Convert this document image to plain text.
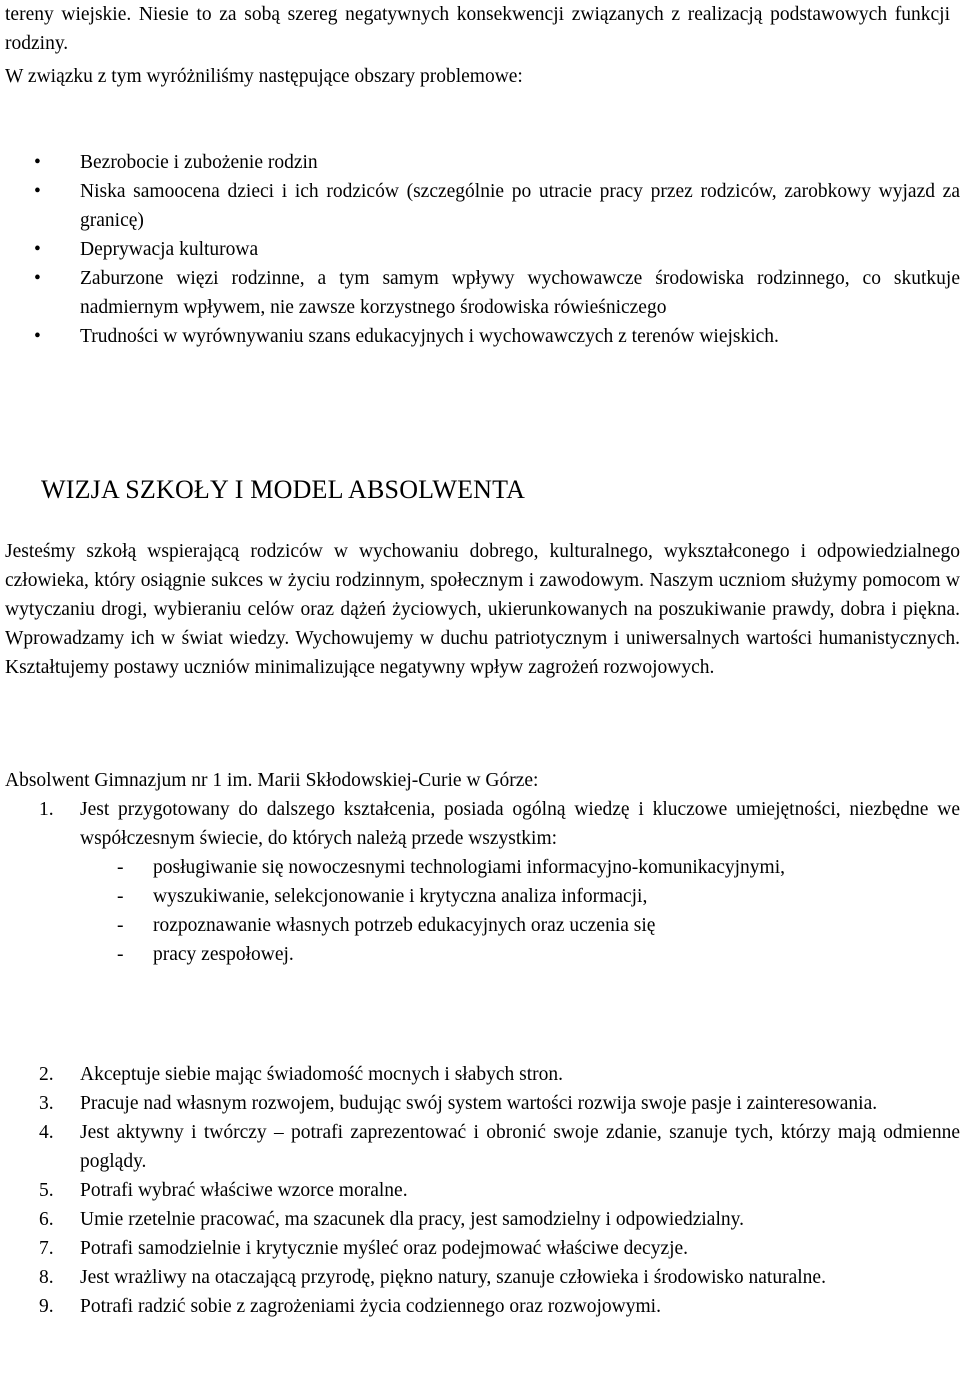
tereny wiejskie. Niesie to za sobą szereg negatywnych konsekwencji związanych z realizacją podstawowych funkcji rodziny.

W związku z tym wyróżniliśmy następujące obszary problemowe:

• Bezrobocie i zubożenie rodzin
• Niska samoocena dzieci i ich rodziców (szczególnie po utracie pracy przez rodziców, zarobkowy wyjazd za granicę)
• Deprywacja kulturowa
• Zaburzone więzi rodzinne, a tym samym wpływy wychowawcze środowiska rodzinnego, co skutkuje nadmiernym wpływem, nie zawsze korzystnego środowiska rówieśniczego
• Trudności w wyrównywaniu szans edukacyjnych i wychowawczych z terenów wiejskich.
WIZJA SZKOŁY I MODEL ABSOLWENTA

Jesteśmy szkołą wspierającą rodziców w wychowaniu dobrego, kulturalnego, wykształconego i odpowiedzialnego człowieka, który osiągnie sukces w życiu rodzinnym, społecznym i zawodowym. Naszym uczniom służymy pomocom w wytyczaniu drogi, wybieraniu celów oraz dążeń życiowych, ukierunkowanych na poszukiwanie prawdy, dobra i piękna. Wprowadzamy ich w świat wiedzy. Wychowujemy w duchu patriotycznym i uniwersalnych wartości humanistycznych. Kształtujemy postawy uczniów minimalizujące negatywny wpływ zagrożeń rozwojowych.

Absolwent Gimnazjum nr 1 im. Marii Skłodowskiej-Curie w Górze:

1. Jest przygotowany do dalszego kształcenia, posiada ogólną wiedzę i kluczowe umiejętności, niezbędne we współczesnym świecie, do których należą przede wszystkim:
- posługiwanie się nowoczesnymi technologiami informacyjno-komunikacyjnymi,
- wyszukiwanie, selekcjonowanie i krytyczna analiza informacji,
- rozpoznawanie własnych potrzeb edukacyjnych oraz uczenia się
- pracy zespołowej.
2. Akceptuje siebie mając świadomość mocnych i słabych stron.
3. Pracuje nad własnym rozwojem, budując swój system wartości rozwija swoje pasje i zainteresowania.
4. Jest aktywny i twórczy – potrafi zaprezentować i obronić swoje zdanie, szanuje tych, którzy mają odmienne poglądy.
5. Potrafi wybrać właściwe wzorce moralne.
6. Umie rzetelnie pracować, ma szacunek dla pracy, jest samodzielny i odpowiedzialny.
7. Potrafi samodzielnie i krytycznie myśleć oraz podejmować właściwe decyzje.
8. Jest wrażliwy na otaczającą przyrodę, piękno natury, szanuje człowieka i środowisko naturalne.
9. Potrafi radzić sobie z zagrożeniami życia codziennego oraz rozwojowymi.
